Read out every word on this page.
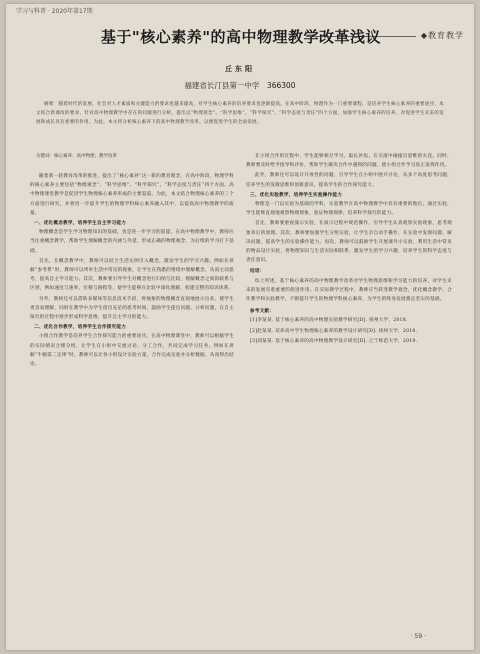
学习与科普 · 2020年第17期
◆教育教学
基于"核心素养"的高中物理教学改革浅议
丘东阳
福建省长汀县第一中学　366300
摘要：随着时代的发展，社会对人才素质和关键能力的要求也越来越高，对学生核心素养的培养要求也逐渐提高。在高中阶段，物理作为一门重要课程，是培养学生核心素养的重要途径，本文结合新课改的要求，针对高中物理教学中存在的问题进行分析，提出以“物理观念”、“科学思维”、“科学探究”、“科学态度与责任”四个方面，加强学生核心素养的培养，对促进学生未来的发展和成长具有重要的作用。为此，本文将分析核心素养下的高中物理教学改革，以便促进学生的全面发展。
关键词：核心素养；高中物理；教学改革

随着新一轮教育改革的推进，提出了“核心素养”这一新的教育理念，在高中阶段，物理学科的核心素养主要包括“物理观念”、“科学思维”、“科学探究”、“科学态度与责任”四个方面。高中物理课堂教学是促进学生物理核心素养形成的主要渠道。为此，本文结合物理核心素养的三个方面进行研究，并将进一步提升学生的物理学科核心素养融入其中，以提高高中物理教学的质量。

一、优化概念教学，培养学生自主学习能力

物理概念是学生学习物理知识的基础，也是进一步学习的前提。在高中物理教学中，教师应当注重概念教学，帮助学生理解概念的内涵与外延，形成正确的物理观念，为后续的学习打下基础。

首先，在概念教学中，教师可以结合生活实例引入概念，激发学生的学习兴趣。例如在讲解“参考系”时，教师可以列举生活中常见的现象，让学生在熟悉的情境中理解概念，从而主动思考，提高自主学习能力。其次，教师要引导学生对概念进行归纳与比较，理解概念之间的联系与区别，例如速度与速率、位移与路程等，使学生能够在比较中深化理解，构建完整的知识体系。

另外，教师还可以借助多媒体等信息技术手段，将抽象的物理概念直观地展示出来，使学生更容易理解，同时在教学中为学生留出充足的思考时间，鼓励学生提出问题、分析问题，在自主探究的过程中逐步形成科学思维，提升自主学习的能力。

二、优化合作教学，培养学生合作探究能力

小组合作教学是培养学生合作探究能力的重要途径。在高中物理课堂中，教师可以根据学生的实际情况合理分组，让学生在小组中交流讨论、分工合作，共同完成学习任务。例如在讲解“牛顿第二定律”时，教师可以让各小组设计实验方案，合作完成实验并分析数据，从而得出结论。

在小组合作的过程中，学生能够相互学习、取长补短，在交流中碰撞出思维的火花。同时，教师要及时给予指导和评价，帮助学生解决合作中遇到的问题，使小组合作学习真正发挥作用。

此外，教师还可以设计开放性的问题，引导学生在小组中展开讨论，从多个角度思考问题，培养学生的发散思维和创新意识，提高学生的合作探究能力。

三、优化实验教学，培养学生实验操作能力

物理是一门以实验为基础的学科，实验教学在高中物理教学中具有重要的地位。通过实验，学生能够直观地观察物理现象，验证物理规律，培养科学探究的能力。

首先，教师要重视演示实验，在演示过程中规范操作，引导学生认真观察实验现象，思考现象背后的原理。其次，教师要加强学生分组实验，让学生亲自动手操作，在实验中发现问题、解决问题，提高学生的实验操作能力。再次，教师可以鼓励学生开展课外小实验，利用生活中常见的物品设计实验，将物理知识与生活实际相联系，激发学生的学习兴趣，培养学生的科学态度与责任意识。

结语：

综上所述，基于核心素养的高中物理教学改革对学生物理思维和学习能力的培养，对学生未来的发展有着重要的促进作用。在实际教学过程中，教师应当转变教学观念，优化概念教学、合作教学和实验教学，不断提升学生的物理学科核心素养，为学生的终身发展奠定坚实的基础。

参考文献：
[1]李某某. 基于核心素养的高中物理实验教学研究[D]. 扬州大学，2018.
[2]赵某某. 培养高中学生物理核心素养的教学设计研究[D]. 扬州大学，2018.
[3]刘某某. 基于核心素养的高中物理教学设计研究[D]. 辽宁师范大学，2019.
· 59 ·
